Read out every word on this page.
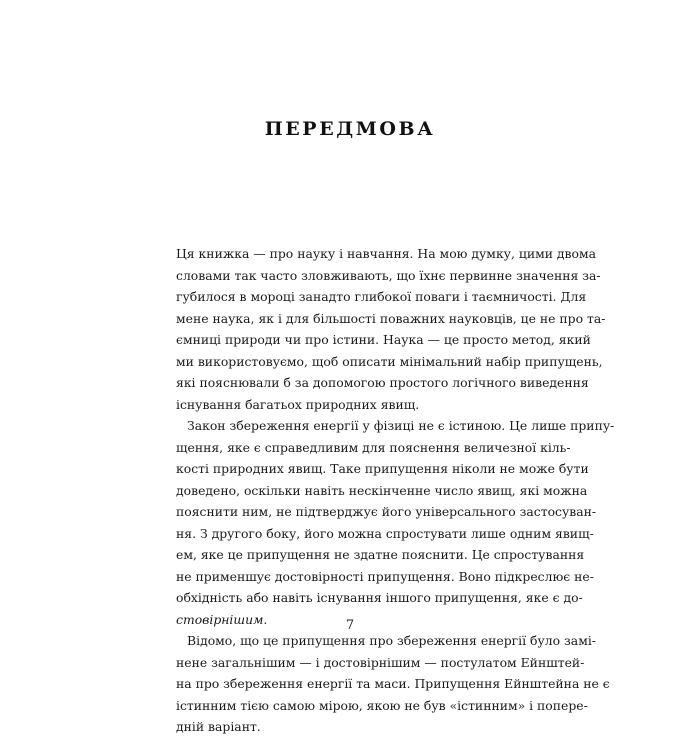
ПЕРЕДМОВА
Ця книжка — про науку і навчання. На мою думку, цими двома
словами так часто зловживають, що їхнє первинне значення за-
губилося в мороці занадто глибокої поваги і таємничості. Для
мене наука, як і для більшості поважних науковців, це не про та-
ємниці природи чи про істини. Наука — це просто метод, який
ми використовуємо, щоб описати мінімальний набір припущень,
які пояснювали б за допомогою простого логічного виведення
існування багатьох природних явищ.
Закон збереження енергії у фізиці не є істиною. Це лише припу-
щення, яке є справедливим для пояснення величезної кіль-
кості природних явищ. Таке припущення ніколи не може бути
доведено, оскільки навіть нескінченне число явищ, які можна
пояснити ним, не підтверджує його універсального застосуван-
ня. З другого боку, його можна спростувати лише одним явищ-
ем, яке це припущення не здатне пояснити. Це спростування
не применшує достовірності припущення. Воно підкреслює не-
обхідність або навіть існування іншого припущення, яке є до-
стовірнішим.
Відомо, що це припущення про збереження енергії було замі-
нене загальнішим — і достовірнішим — постулатом Ейнштей-
на про збереження енергії та маси. Припущення Ейнштейна не є
істинним тією самою мірою, якою не був «істинним» і попере-
дній варіант.
7
